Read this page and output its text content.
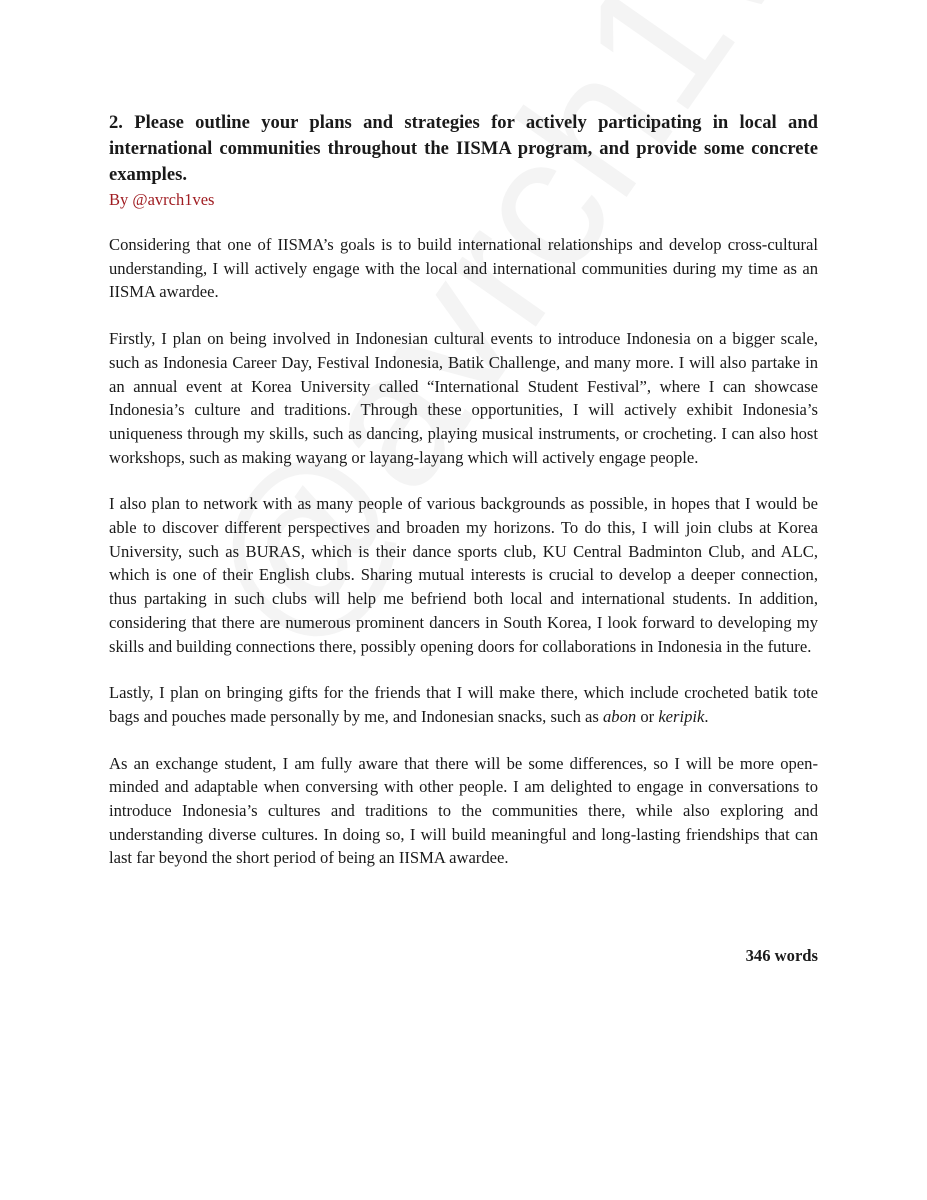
2. Please outline your plans and strategies for actively participating in local and international communities throughout the IISMA program, and provide some concrete examples.

By @avrch1ves

Considering that one of IISMA’s goals is to build international relationships and develop cross-cultural understanding, I will actively engage with the local and international communities during my time as an IISMA awardee.

Firstly, I plan on being involved in Indonesian cultural events to introduce Indonesia on a bigger scale, such as Indonesia Career Day, Festival Indonesia, Batik Challenge, and many more. I will also partake in an annual event at Korea University called “International Student Festival”, where I can showcase Indonesia’s culture and traditions. Through these opportunities, I will actively exhibit Indonesia’s uniqueness through my skills, such as dancing, playing musical instruments, or crocheting. I can also host workshops, such as making wayang or layang-layang which will actively engage people.

I also plan to network with as many people of various backgrounds as possible, in hopes that I would be able to discover different perspectives and broaden my horizons. To do this, I will join clubs at Korea University, such as BURAS, which is their dance sports club, KU Central Badminton Club, and ALC, which is one of their English clubs. Sharing mutual interests is crucial to develop a deeper connection, thus partaking in such clubs will help me befriend both local and international students. In addition, considering that there are numerous prominent dancers in South Korea, I look forward to developing my skills and building connections there, possibly opening doors for collaborations in Indonesia in the future.

Lastly, I plan on bringing gifts for the friends that I will make there, which include crocheted batik tote bags and pouches made personally by me, and Indonesian snacks, such as abon or keripik.

As an exchange student, I am fully aware that there will be some differences, so I will be more open-minded and adaptable when conversing with other people. I am delighted to engage in conversations to introduce Indonesia’s cultures and traditions to the communities there, while also exploring and understanding diverse cultures. In doing so, I will build meaningful and long-lasting friendships that can last far beyond the short period of being an IISMA awardee.

346 words
